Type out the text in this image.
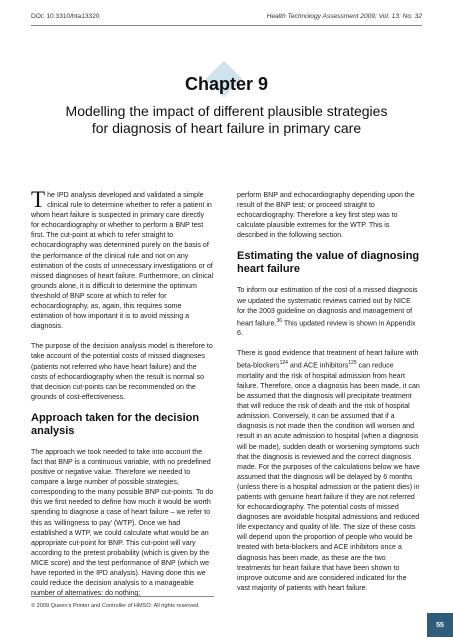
DOI: 10.3310/hta13320	Health Technology Assessment 2009; Vol. 13: No. 32
Chapter 9
Modelling the impact of different plausible strategies for diagnosis of heart failure in primary care

The IPD analysis developed and validated a simple clinical rule to determine whether to refer a patient in whom heart failure is suspected in primary care directly for echocardiography or whether to perform a BNP test first. The cut-point at which to refer straight to echocardiography was determined purely on the basis of the performance of the clinical rule and not on any estimation of the costs of unnecessary investigations or of missed diagnoses of heart failure. Furthermore, on clinical grounds alone, it is difficult to determine the optimum threshold of BNP score at which to refer for echocardiography, as, again, this requires some estimation of how important it is to avoid missing a diagnosis.

The purpose of the decision analysis model is therefore to take account of the potential costs of missed diagnoses (patients not referred who have heart failure) and the costs of echocardiography when the result is normal so that decision cut-points can be recommended on the grounds of cost-effectiveness.

Approach taken for the decision analysis

The approach we took needed to take into account the fact that BNP is a continuous variable, with no predefined positive or negative value. Therefore we needed to compare a large number of possible strategies, corresponding to the many possible BNP cut-points. To do this we first needed to define how much it would be worth spending to diagnose a case of heart failure – we refer to this as ‘willingness to pay’ (WTP). Once we had established a WTP, we could calculate what would be an appropriate cut-point for BNP. This cut-point will vary according to the pretest probability (which is given by the MICE score) and the test performance of BNP (which we have reported in the IPD analysis). Having done this we could reduce the decision analysis to a manageable number of alternatives: do nothing;

perform BNP and echocardiography depending upon the result of the BNP test; or proceed straight to echocardiography. Therefore a key first step was to calculate plausible extremes for the WTP. This is described in the following section.

Estimating the value of diagnosing heart failure

To inform our estimation of the cost of a missed diagnosis we updated the systematic reviews carried out by NICE for the 2003 guideline on diagnosis and management of heart failure.$^{36}$ This updated review is shown in Appendix 6.

There is good evidence that treatment of heart failure with beta-blockers$^{124}$ and ACE inhibitors$^{125}$ can reduce mortality and the risk of hospital admission from heart failure. Therefore, once a diagnosis has been made, it can be assumed that the diagnosis will precipitate treatment that will reduce the risk of death and the risk of hospital admission. Conversely, it can be assumed that if a diagnosis is not made then the condition will worsen and result in an acute admission to hospital (when a diagnosis will be made), sudden death or worsening symptoms such that the diagnosis is reviewed and the correct diagnosis made. For the purposes of the calculations below we have assumed that the diagnosis will be delayed by 6 months (unless there is a hospital admission or the patient dies) in patients with genuine heart failure if they are not referred for echocardiography. The potential costs of missed diagnoses are avoidable hospital admissions and reduced life expectancy and quality of life. The size of these costs will depend upon the proportion of people who would be treated with beta-blockers and ACE inhibitors once a diagnosis has been made, as these are the two treatments for heart failure that have been shown to improve outcome and are considered indicated for the vast majority of patients with heart failure.

© 2009 Queen’s Printer and Controller of HMSO. All rights reserved.
55
